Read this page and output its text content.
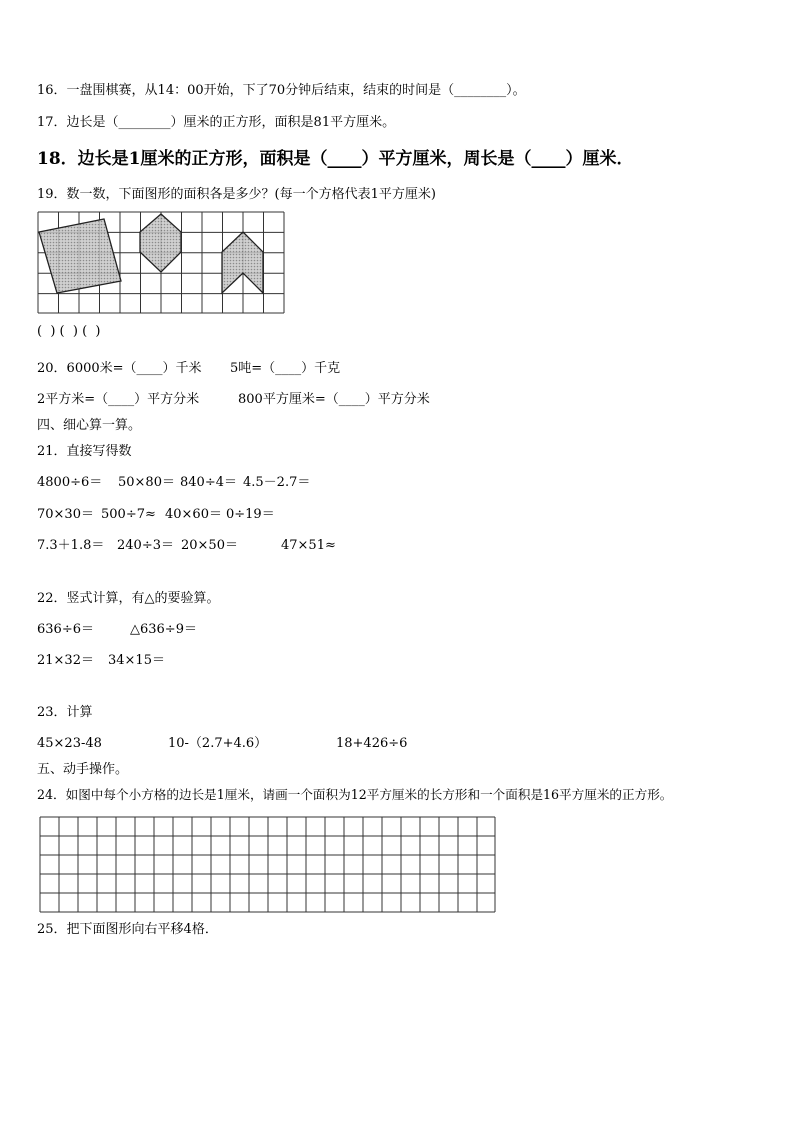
16．一盘围棋赛，从14：00开始，下了70分钟后结束，结束的时间是（________）。
17．边长是（________）厘米的正方形，面积是81平方厘米。
18．边长是1厘米的正方形，面积是（____）平方厘米，周长是（____）厘米．
19．数一数，下面图形的面积各是多少？(每一个方格代表1平方厘米)
(  ) (  ) (  )
20．6000米=（____）千米 5吨=（____）千克
2平方米=（____）平方分米	800平方厘米=（____）平方分米
四、细心算一算。
21．直接写得数
4800÷6＝ 50×80＝ 840÷4＝ 4.5－2.7＝
70×30＝ 500÷7≈ 40×60＝ 0÷19＝
7.3＋1.8＝ 240÷3＝ 20×50＝	47×51≈
22．竖式计算，有△的要验算。
636÷6＝	△636÷9＝
21×32＝ 34×15＝
23．计算
45×23-48	10-（2.7+4.6）	18+426÷6
五、动手操作。
24．如图中每个小方格的边长是1厘米，请画一个面积为12平方厘米的长方形和一个面积是16平方厘米的正方形。
25．把下面图形向右平移4格．
